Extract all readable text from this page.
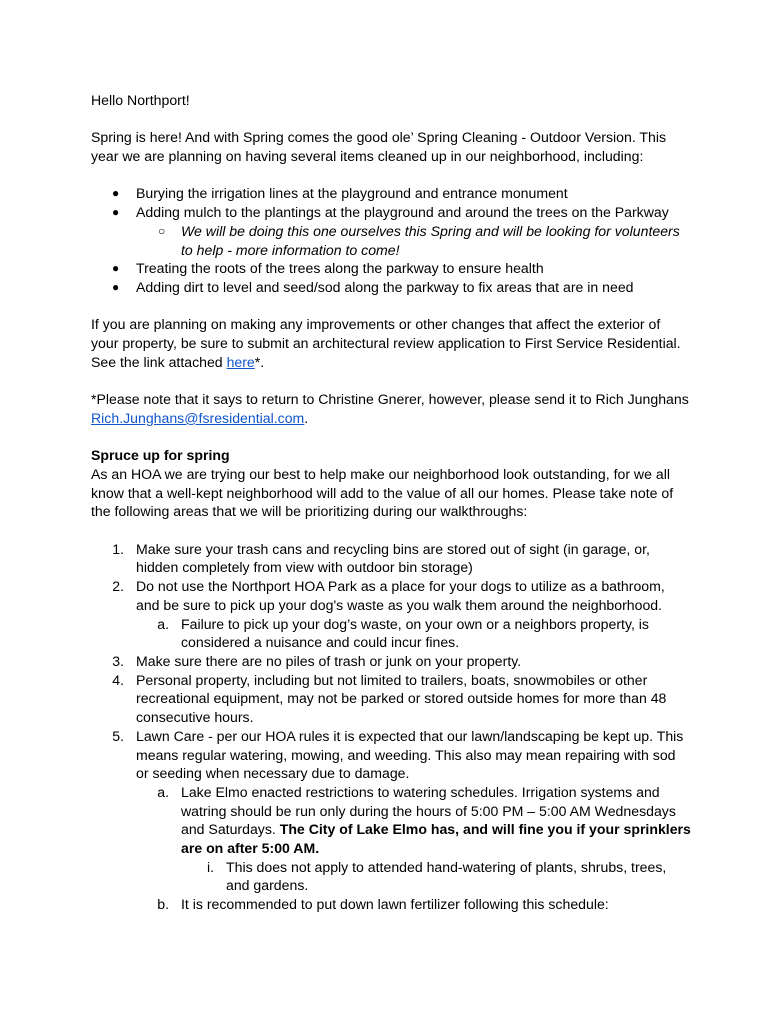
Hello Northport!

Spring is here! And with Spring comes the good ole’ Spring Cleaning - Outdoor Version. This year we are planning on having several items cleaned up in our neighborhood, including:

● Burying the irrigation lines at the playground and entrance monument
● Adding mulch to the plantings at the playground and around the trees on the Parkway
○ We will be doing this one ourselves this Spring and will be looking for volunteers to help - more information to come!
● Treating the roots of the trees along the parkway to ensure health
● Adding dirt to level and seed/sod along the parkway to fix areas that are in need

If you are planning on making any improvements or other changes that affect the exterior of your property, be sure to submit an architectural review application to First Service Residential. See the link attached here*.

*Please note that it says to return to Christine Gnerer, however, please send it to Rich Junghans Rich.Junghans@fsresidential.com.

Spruce up for spring

As an HOA we are trying our best to help make our neighborhood look outstanding, for we all know that a well-kept neighborhood will add to the value of all our homes. Please take note of the following areas that we will be prioritizing during our walkthroughs:

1. Make sure your trash cans and recycling bins are stored out of sight (in garage, or, hidden completely from view with outdoor bin storage)
2. Do not use the Northport HOA Park as a place for your dogs to utilize as a bathroom, and be sure to pick up your dog's waste as you walk them around the neighborhood.
a. Failure to pick up your dog’s waste, on your own or a neighbors property, is considered a nuisance and could incur fines.
3. Make sure there are no piles of trash or junk on your property.
4. Personal property, including but not limited to trailers, boats, snowmobiles or other recreational equipment, may not be parked or stored outside homes for more than 48 consecutive hours.
5. Lawn Care - per our HOA rules it is expected that our lawn/landscaping be kept up. This means regular watering, mowing, and weeding. This also may mean repairing with sod or seeding when necessary due to damage.
a. Lake Elmo enacted restrictions to watering schedules. Irrigation systems and watring should be run only during the hours of 5:00 PM – 5:00 AM Wednesdays and Saturdays. The City of Lake Elmo has, and will fine you if your sprinklers are on after 5:00 AM.
i. This does not apply to attended hand-watering of plants, shrubs, trees, and gardens.
b. It is recommended to put down lawn fertilizer following this schedule:
